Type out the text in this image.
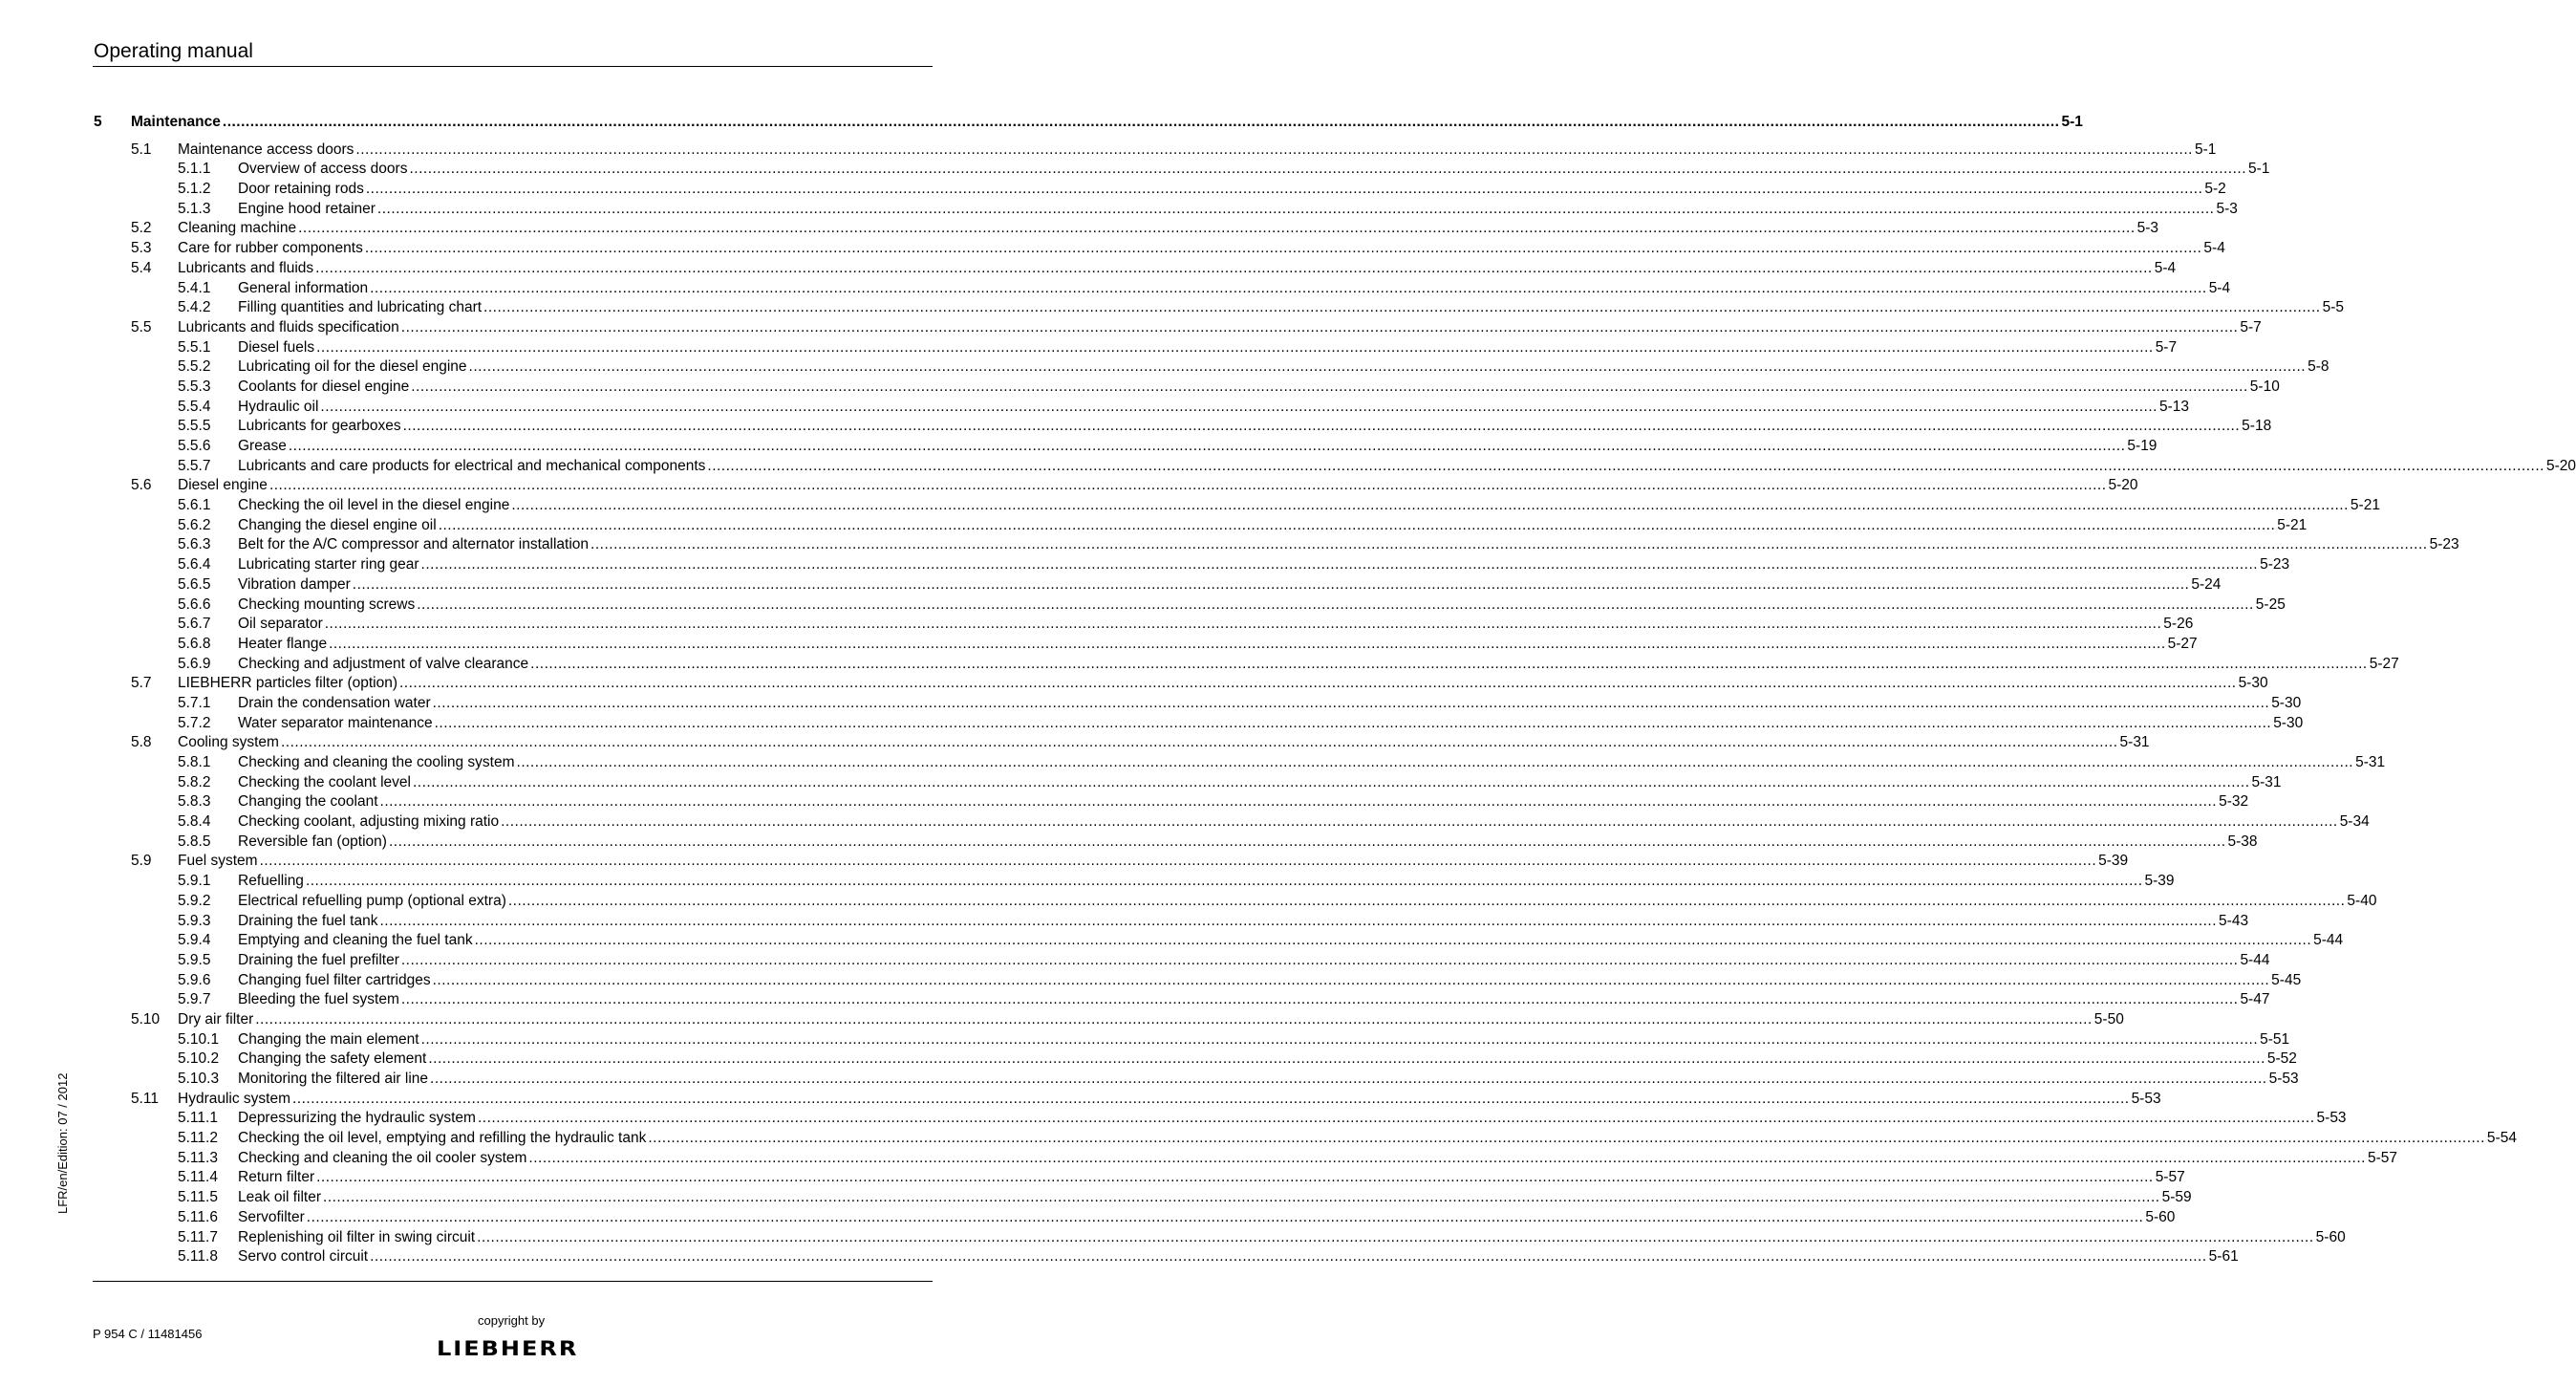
Operating manual
LFR/en/Edition: 07 / 2012
5 Maintenance ................................................................................................................................................................................................................................................................................................................................................................................................................ 5-1
5.1 Maintenance access doors ................................................................................................................................................................................................................................................................................................................................................................................................................ 5-1
5.1.1 Overview of access doors ................................................................................................................................................................................................................................................................................................................................................................................................................ 5-1
5.1.2 Door retaining rods ................................................................................................................................................................................................................................................................................................................................................................................................................ 5-2
5.1.3 Engine hood retainer ................................................................................................................................................................................................................................................................................................................................................................................................................ 5-3
5.2 Cleaning machine ................................................................................................................................................................................................................................................................................................................................................................................................................ 5-3
5.3 Care for rubber components ................................................................................................................................................................................................................................................................................................................................................................................................................ 5-4
5.4 Lubricants and fluids ................................................................................................................................................................................................................................................................................................................................................................................................................ 5-4
5.4.1 General information ................................................................................................................................................................................................................................................................................................................................................................................................................ 5-4
5.4.2 Filling quantities and lubricating chart ................................................................................................................................................................................................................................................................................................................................................................................................................ 5-5
5.5 Lubricants and fluids specification ................................................................................................................................................................................................................................................................................................................................................................................................................ 5-7
5.5.1 Diesel fuels ................................................................................................................................................................................................................................................................................................................................................................................................................ 5-7
5.5.2 Lubricating oil for the diesel engine ................................................................................................................................................................................................................................................................................................................................................................................................................ 5-8
5.5.3 Coolants for diesel engine ................................................................................................................................................................................................................................................................................................................................................................................................................ 5-10
5.5.4 Hydraulic oil ................................................................................................................................................................................................................................................................................................................................................................................................................ 5-13
5.5.5 Lubricants for gearboxes ................................................................................................................................................................................................................................................................................................................................................................................................................ 5-18
5.5.6 Grease ................................................................................................................................................................................................................................................................................................................................................................................................................ 5-19
5.5.7 Lubricants and care products for electrical and mechanical components ................................................................................................................................................................................................................................................................................................................................................................................................................ 5-20
5.6 Diesel engine ................................................................................................................................................................................................................................................................................................................................................................................................................ 5-20
5.6.1 Checking the oil level in the diesel engine ................................................................................................................................................................................................................................................................................................................................................................................................................ 5-21
5.6.2 Changing the diesel engine oil ................................................................................................................................................................................................................................................................................................................................................................................................................ 5-21
5.6.3 Belt for the A/C compressor and alternator installation ................................................................................................................................................................................................................................................................................................................................................................................................................ 5-23
5.6.4 Lubricating starter ring gear ................................................................................................................................................................................................................................................................................................................................................................................................................ 5-23
5.6.5 Vibration damper ................................................................................................................................................................................................................................................................................................................................................................................................................ 5-24
5.6.6 Checking mounting screws ................................................................................................................................................................................................................................................................................................................................................................................................................ 5-25
5.6.7 Oil separator ................................................................................................................................................................................................................................................................................................................................................................................................................ 5-26
5.6.8 Heater flange ................................................................................................................................................................................................................................................................................................................................................................................................................ 5-27
5.6.9 Checking and adjustment of valve clearance ................................................................................................................................................................................................................................................................................................................................................................................................................ 5-27
5.7 LIEBHERR particles filter (option) ................................................................................................................................................................................................................................................................................................................................................................................................................ 5-30
5.7.1 Drain the condensation water ................................................................................................................................................................................................................................................................................................................................................................................................................ 5-30
5.7.2 Water separator maintenance ................................................................................................................................................................................................................................................................................................................................................................................................................ 5-30
5.8 Cooling system ................................................................................................................................................................................................................................................................................................................................................................................................................ 5-31
5.8.1 Checking and cleaning the cooling system ................................................................................................................................................................................................................................................................................................................................................................................................................ 5-31
5.8.2 Checking the coolant level ................................................................................................................................................................................................................................................................................................................................................................................................................ 5-31
5.8.3 Changing the coolant ................................................................................................................................................................................................................................................................................................................................................................................................................ 5-32
5.8.4 Checking coolant, adjusting mixing ratio ................................................................................................................................................................................................................................................................................................................................................................................................................ 5-34
5.8.5 Reversible fan (option) ................................................................................................................................................................................................................................................................................................................................................................................................................ 5-38
5.9 Fuel system ................................................................................................................................................................................................................................................................................................................................................................................................................ 5-39
5.9.1 Refuelling ................................................................................................................................................................................................................................................................................................................................................................................................................ 5-39
5.9.2 Electrical refuelling pump (optional extra) ................................................................................................................................................................................................................................................................................................................................................................................................................ 5-40
5.9.3 Draining the fuel tank ................................................................................................................................................................................................................................................................................................................................................................................................................ 5-43
5.9.4 Emptying and cleaning the fuel tank ................................................................................................................................................................................................................................................................................................................................................................................................................ 5-44
5.9.5 Draining the fuel prefilter ................................................................................................................................................................................................................................................................................................................................................................................................................ 5-44
5.9.6 Changing fuel filter cartridges ................................................................................................................................................................................................................................................................................................................................................................................................................ 5-45
5.9.7 Bleeding the fuel system ................................................................................................................................................................................................................................................................................................................................................................................................................ 5-47
5.10 Dry air filter ................................................................................................................................................................................................................................................................................................................................................................................................................ 5-50
5.10.1 Changing the main element ................................................................................................................................................................................................................................................................................................................................................................................................................ 5-51
5.10.2 Changing the safety element ................................................................................................................................................................................................................................................................................................................................................................................................................ 5-52
5.10.3 Monitoring the filtered air line ................................................................................................................................................................................................................................................................................................................................................................................................................ 5-53
5.11 Hydraulic system ................................................................................................................................................................................................................................................................................................................................................................................................................ 5-53
5.11.1 Depressurizing the hydraulic system ................................................................................................................................................................................................................................................................................................................................................................................................................ 5-53
5.11.2 Checking the oil level, emptying and refilling the hydraulic tank ................................................................................................................................................................................................................................................................................................................................................................................................................ 5-54
5.11.3 Checking and cleaning the oil cooler system ................................................................................................................................................................................................................................................................................................................................................................................................................ 5-57
5.11.4 Return filter ................................................................................................................................................................................................................................................................................................................................................................................................................ 5-57
5.11.5 Leak oil filter ................................................................................................................................................................................................................................................................................................................................................................................................................ 5-59
5.11.6 Servofilter ................................................................................................................................................................................................................................................................................................................................................................................................................ 5-60
5.11.7 Replenishing oil filter in swing circuit ................................................................................................................................................................................................................................................................................................................................................................................................................ 5-60
5.11.8 Servo control circuit ................................................................................................................................................................................................................................................................................................................................................................................................................ 5-61
P 954 C / 11481456
copyright by
LIEBHERR
